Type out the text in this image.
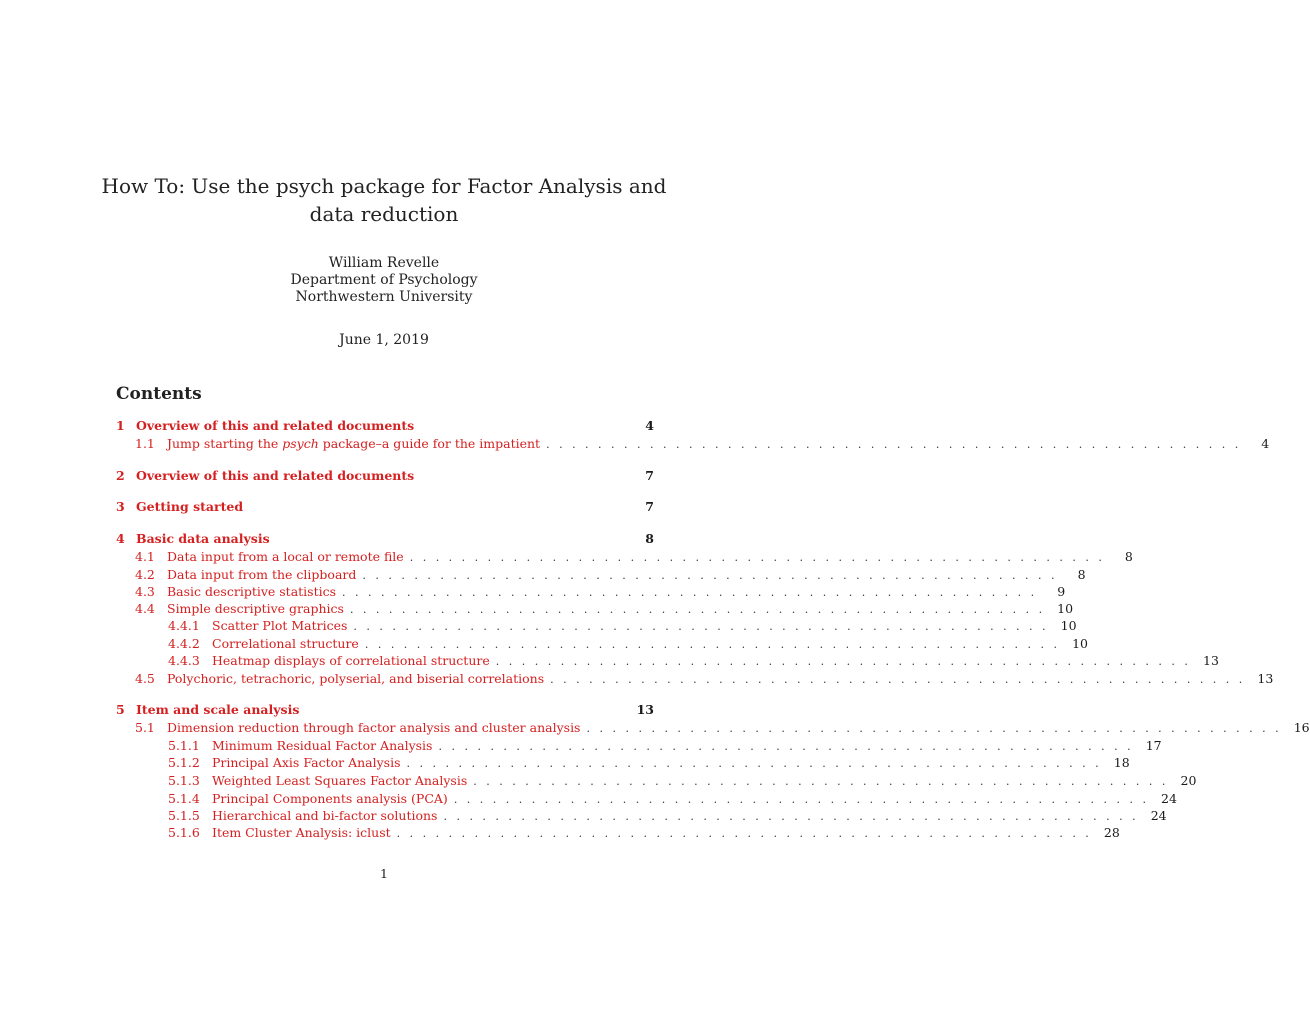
How To: Use the psych package for Factor Analysis and data reduction
William Revelle
Department of Psychology
Northwestern University
June 1, 2019
Contents
1 Overview of this and related documents	4
1.1 Jump starting the psych package–a guide for the impatient . . . . . . . . . . . . . . . . . . . . . . . . . . . . . . . . . . . . . . . . . . . . . . . . . . . . . .	4
2 Overview of this and related documents	7
3 Getting started	7
4 Basic data analysis	8
4.1 Data input from a local or remote file . . . . . . . . . . . . . . . . . . . . . . . . . . . . . . . . . . . . . . . . . . . . . . . . . . . . . .	8
4.2 Data input from the clipboard . . . . . . . . . . . . . . . . . . . . . . . . . . . . . . . . . . . . . . . . . . . . . . . . . . . . . .	8
4.3 Basic descriptive statistics . . . . . . . . . . . . . . . . . . . . . . . . . . . . . . . . . . . . . . . . . . . . . . . . . . . . . .	9
4.4 Simple descriptive graphics . . . . . . . . . . . . . . . . . . . . . . . . . . . . . . . . . . . . . . . . . . . . . . . . . . . . . . 10
4.4.1 Scatter Plot Matrices . . . . . . . . . . . . . . . . . . . . . . . . . . . . . . . . . . . . . . . . . . . . . . . . . . . . . . 10
4.4.2 Correlational structure . . . . . . . . . . . . . . . . . . . . . . . . . . . . . . . . . . . . . . . . . . . . . . . . . . . . . . 10
4.4.3 Heatmap displays of correlational structure . . . . . . . . . . . . . . . . . . . . . . . . . . . . . . . . . . . . . . . . . . . . . . . . . . . . . . 13
4.5 Polychoric, tetrachoric, polyserial, and biserial correlations . . . . . . . . . . . . . . . . . . . . . . . . . . . . . . . . . . . . . . . . . . . . . . . . . . . . . . 13
5 Item and scale analysis	13
5.1 Dimension reduction through factor analysis and cluster analysis . . . . . . . . . . . . . . . . . . . . . . . . . . . . . . . . . . . . . . . . . . . . . . . . . . . . . . 16
5.1.1 Minimum Residual Factor Analysis . . . . . . . . . . . . . . . . . . . . . . . . . . . . . . . . . . . . . . . . . . . . . . . . . . . . . . 17
5.1.2 Principal Axis Factor Analysis . . . . . . . . . . . . . . . . . . . . . . . . . . . . . . . . . . . . . . . . . . . . . . . . . . . . . . 18
5.1.3 Weighted Least Squares Factor Analysis . . . . . . . . . . . . . . . . . . . . . . . . . . . . . . . . . . . . . . . . . . . . . . . . . . . . . . 20
5.1.4 Principal Components analysis (PCA) . . . . . . . . . . . . . . . . . . . . . . . . . . . . . . . . . . . . . . . . . . . . . . . . . . . . . . 24
5.1.5 Hierarchical and bi-factor solutions . . . . . . . . . . . . . . . . . . . . . . . . . . . . . . . . . . . . . . . . . . . . . . . . . . . . . . 24
5.1.6 Item Cluster Analysis: iclust . . . . . . . . . . . . . . . . . . . . . . . . . . . . . . . . . . . . . . . . . . . . . . . . . . . . . . 28
1
